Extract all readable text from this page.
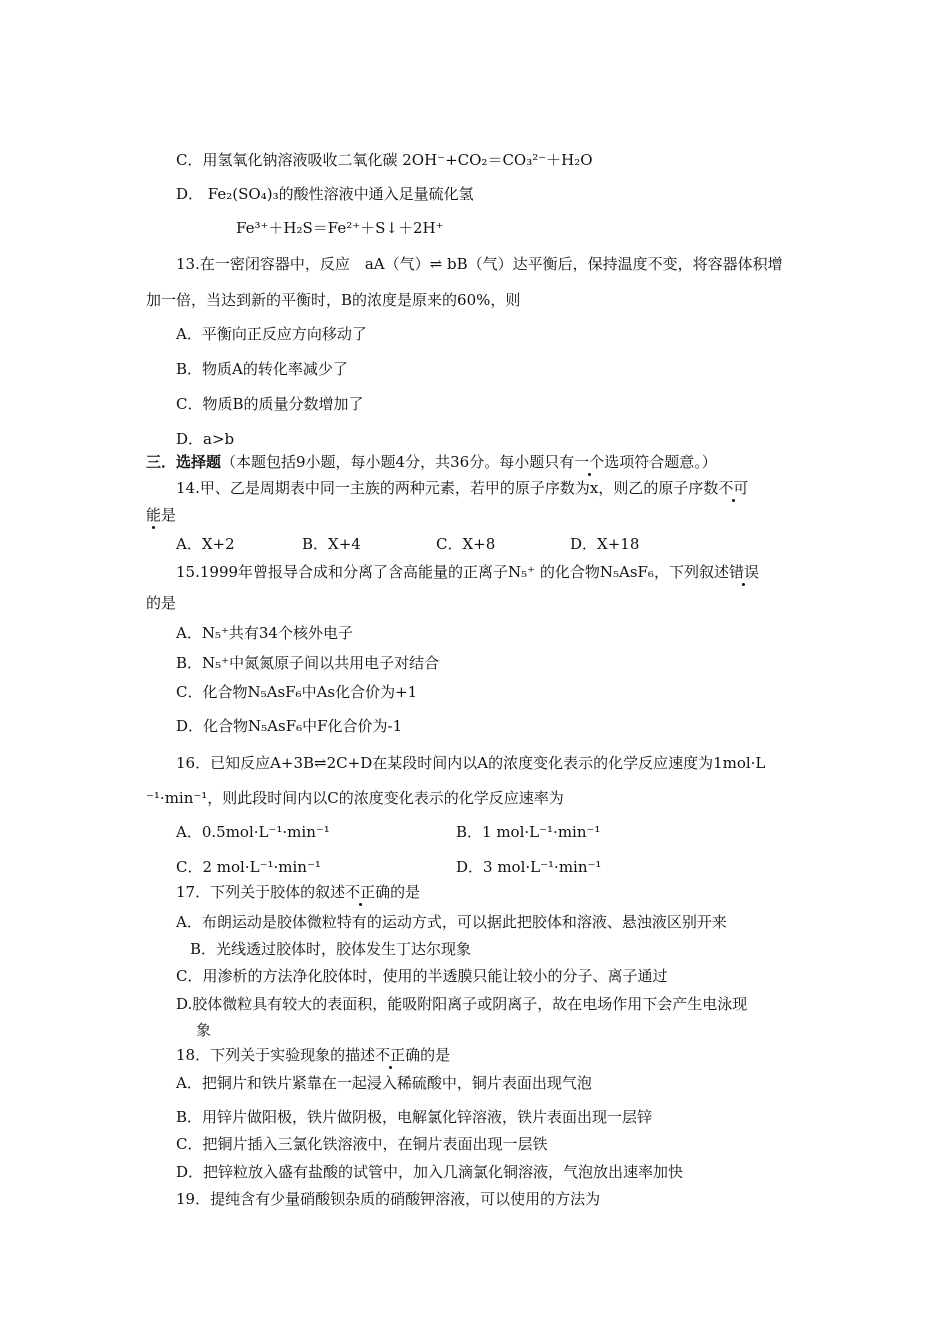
C．用氢氧化钠溶液吸收二氧化碳 2OH⁻+CO₂＝CO₃²⁻＋H₂O
D． Fe₂(SO₄)₃的酸性溶液中通入足量硫化氢
Fe³⁺＋H₂S＝Fe²⁺＋S↓＋2H⁺
13.在一密闭容器中，反应　aA（气）⇌ bB（气）达平衡后，保持温度不变，将容器体积增
加一倍，当达到新的平衡时，B的浓度是原来的60%，则
A．平衡向正反应方向移动了
B．物质A的转化率减少了
C．物质B的质量分数增加了
D．a>b
三．选择题（本题包括9小题，每小题4分，共36分。每小题只有一个选项符合题意。）
14.甲、乙是周期表中同一主族的两种元素，若甲的原子序数为x，则乙的原子序数不可
能是
A．X+2	B．X+4	C．X+8	D．X+18
15.1999年曾报导合成和分离了含高能量的正离子N₅⁺ 的化合物N₅AsF₆，下列叙述错误
的是
A．N₅⁺共有34个核外电子
B．N₅⁺中氮氮原子间以共用电子对结合
C．化合物N₅AsF₆中As化合价为+1
D．化合物N₅AsF₆中F化合价为-1
16．已知反应A+3B⇌2C+D在某段时间内以A的浓度变化表示的化学反应速度为1mol·L
⁻¹·min⁻¹，则此段时间内以C的浓度变化表示的化学反应速率为
A．0.5mol·L⁻¹·min⁻¹	B．1 mol·L⁻¹·min⁻¹
C．2 mol·L⁻¹·min⁻¹	D．3 mol·L⁻¹·min⁻¹
17．下列关于胶体的叙述不正确的是
A．布朗运动是胶体微粒特有的运动方式，可以据此把胶体和溶液、悬浊液区别开来
B．光线透过胶体时，胶体发生丁达尔现象
C．用渗析的方法净化胶体时，使用的半透膜只能让较小的分子、离子通过
D.胶体微粒具有较大的表面积，能吸附阳离子或阴离子，故在电场作用下会产生电泳现
象
18．下列关于实验现象的描述不正确的是
A．把铜片和铁片紧靠在一起浸入稀硫酸中，铜片表面出现气泡
B．用锌片做阳极，铁片做阴极，电解氯化锌溶液，铁片表面出现一层锌
C．把铜片插入三氯化铁溶液中，在铜片表面出现一层铁
D．把锌粒放入盛有盐酸的试管中，加入几滴氯化铜溶液，气泡放出速率加快
19．提纯含有少量硝酸钡杂质的硝酸钾溶液，可以使用的方法为
